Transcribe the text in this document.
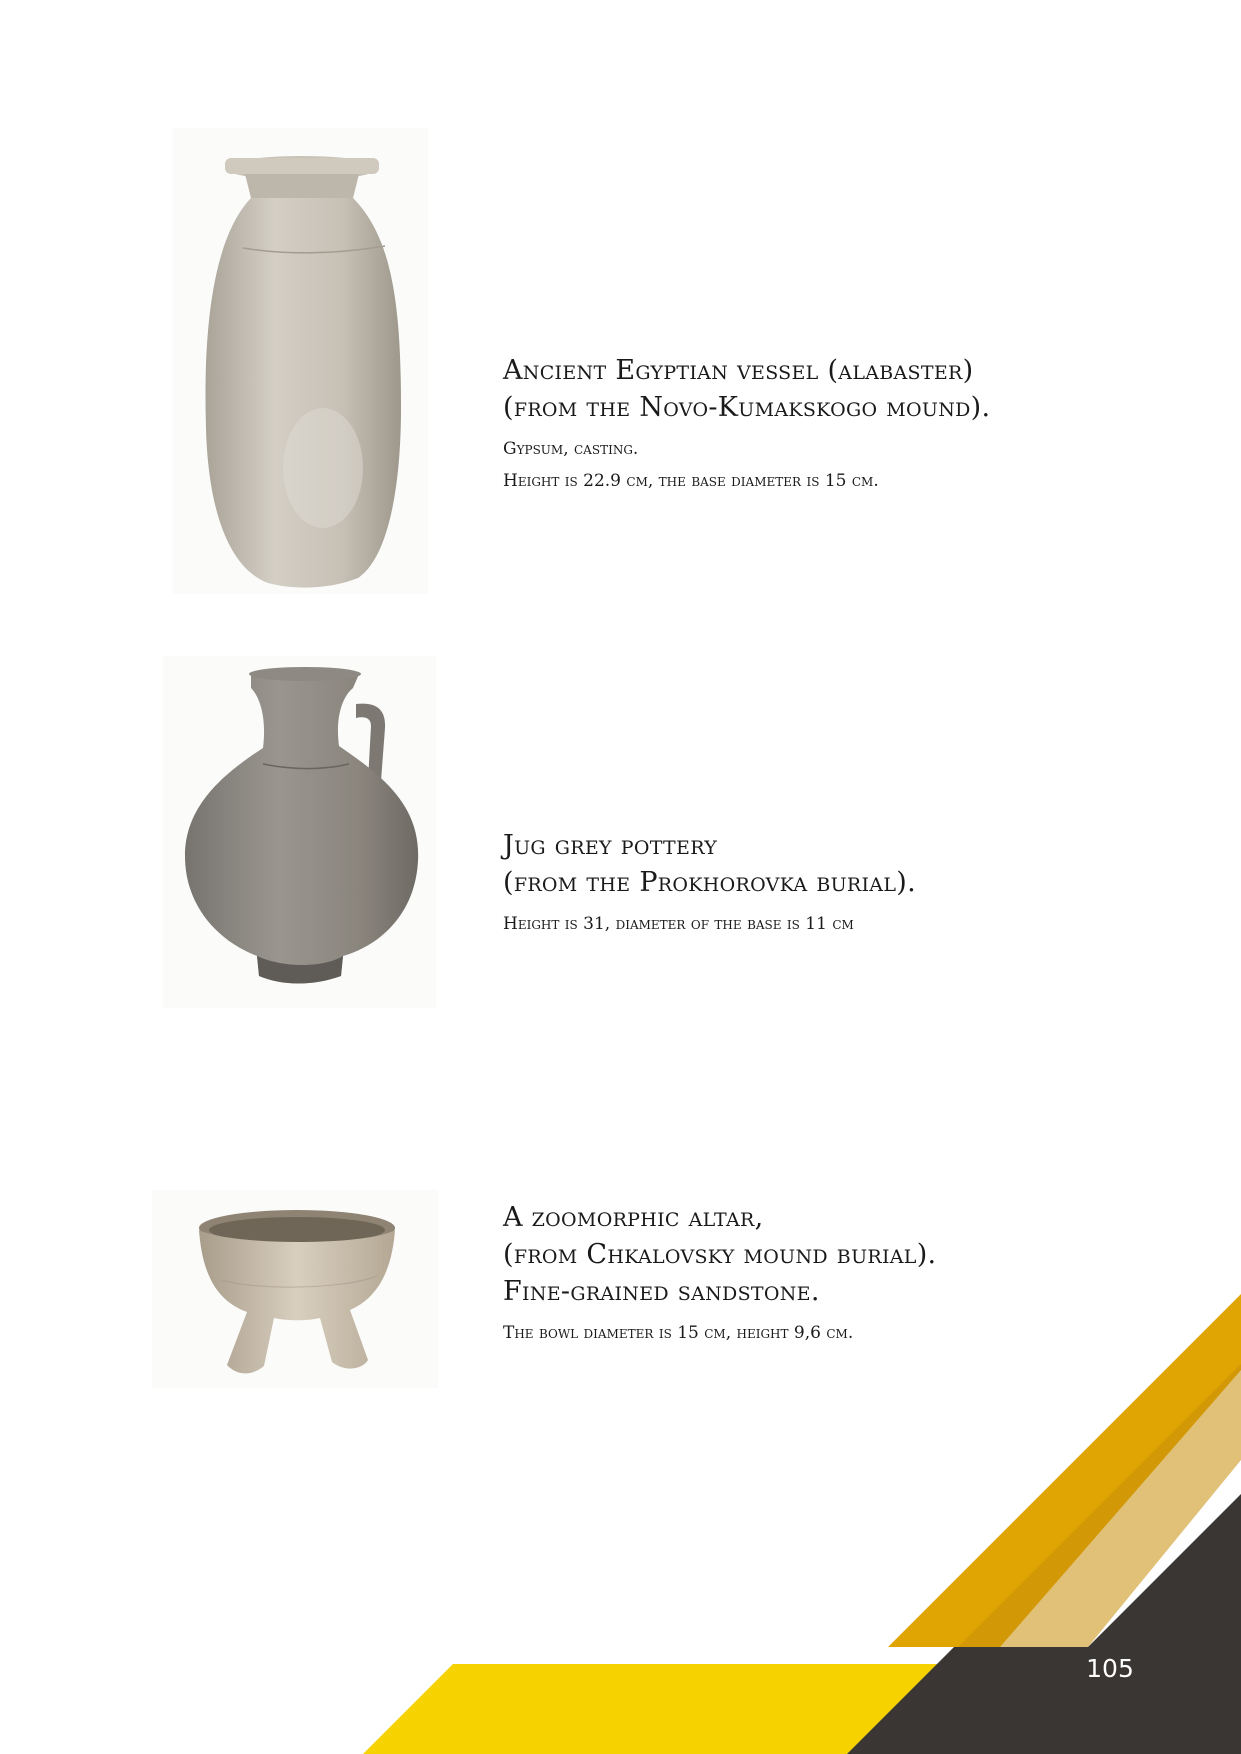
Ancient Egyptian vessel (alabaster)
(from the Novo-Kumakskogo mound).
Gypsum, casting.
Height is 22.9 cm, the base diameter is 15 cm.
Jug grey pottery
(from the Prokhorovka burial).
Height is 31, diameter of the base is 11 cm
A zoomorphic altar,
(from Chkalovsky mound burial).
Fine-grained sandstone.
The bowl diameter is 15 cm, height 9,6 cm.
105
